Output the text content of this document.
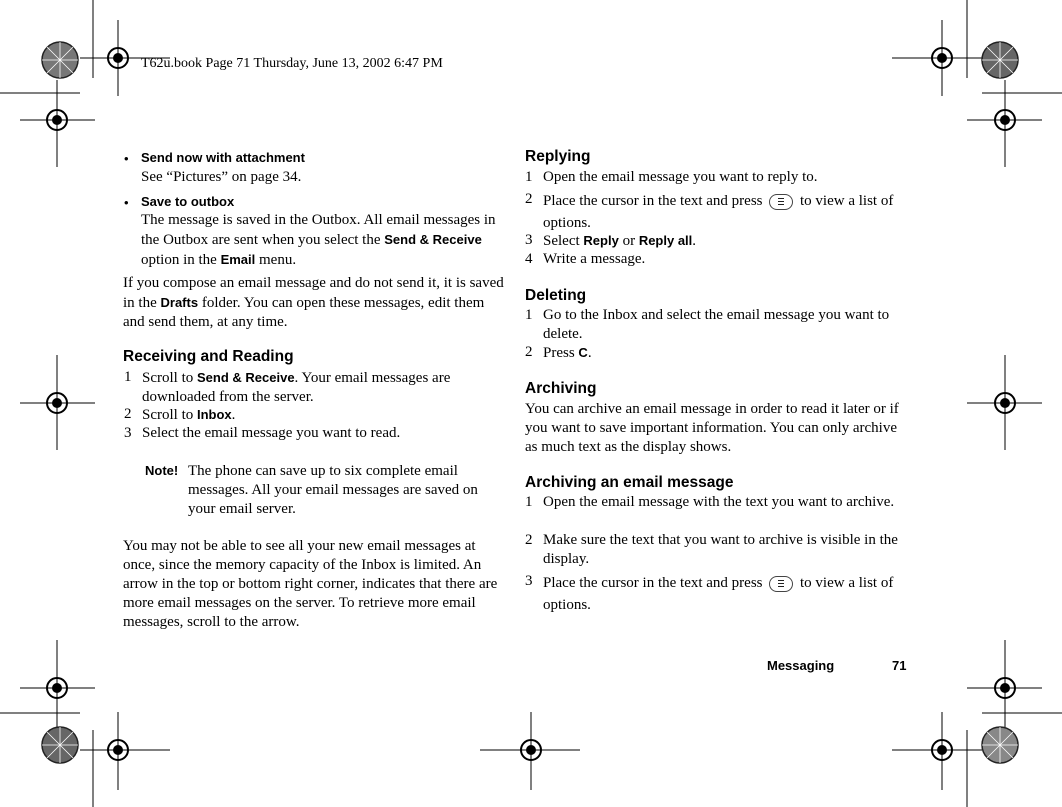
T62u.book Page 71 Thursday, June 13, 2002 6:47 PM
• Send now with attachment
See “Pictures” on page 34.
• Save to outbox
The message is saved in the Outbox. All email messages in the Outbox are sent when you select the Send & Receive option in the Email menu.
If you compose an email message and do not send it, it is saved in the Drafts folder. You can open these messages, edit them and send them, at any time.
Receiving and Reading
1 Scroll to Send & Receive. Your email messages are downloaded from the server.
2 Scroll to Inbox.
3 Select the email message you want to read.
Note! The phone can save up to six complete email messages. All your email messages are saved on your email server.
You may not be able to see all your new email messages at once, since the memory capacity of the Inbox is limited. An arrow in the top or bottom right corner, indicates that there are more email messages on the server. To retrieve more email messages, scroll to the arrow.
Replying
1 Open the email message you want to reply to.
2 Place the cursor in the text and press  to view a list of options.
3 Select Reply or Reply all.
4 Write a message.
Deleting
1 Go to the Inbox and select the email message you want to delete.
2 Press C.
Archiving
You can archive an email message in order to read it later or if you want to save important information. You can only archive as much text as the display shows.
Archiving an email message
1 Open the email message with the text you want to archive.
2 Make sure the text that you want to archive is visible in the display.
3 Place the cursor in the text and press  to view a list of options.
Messaging	71
